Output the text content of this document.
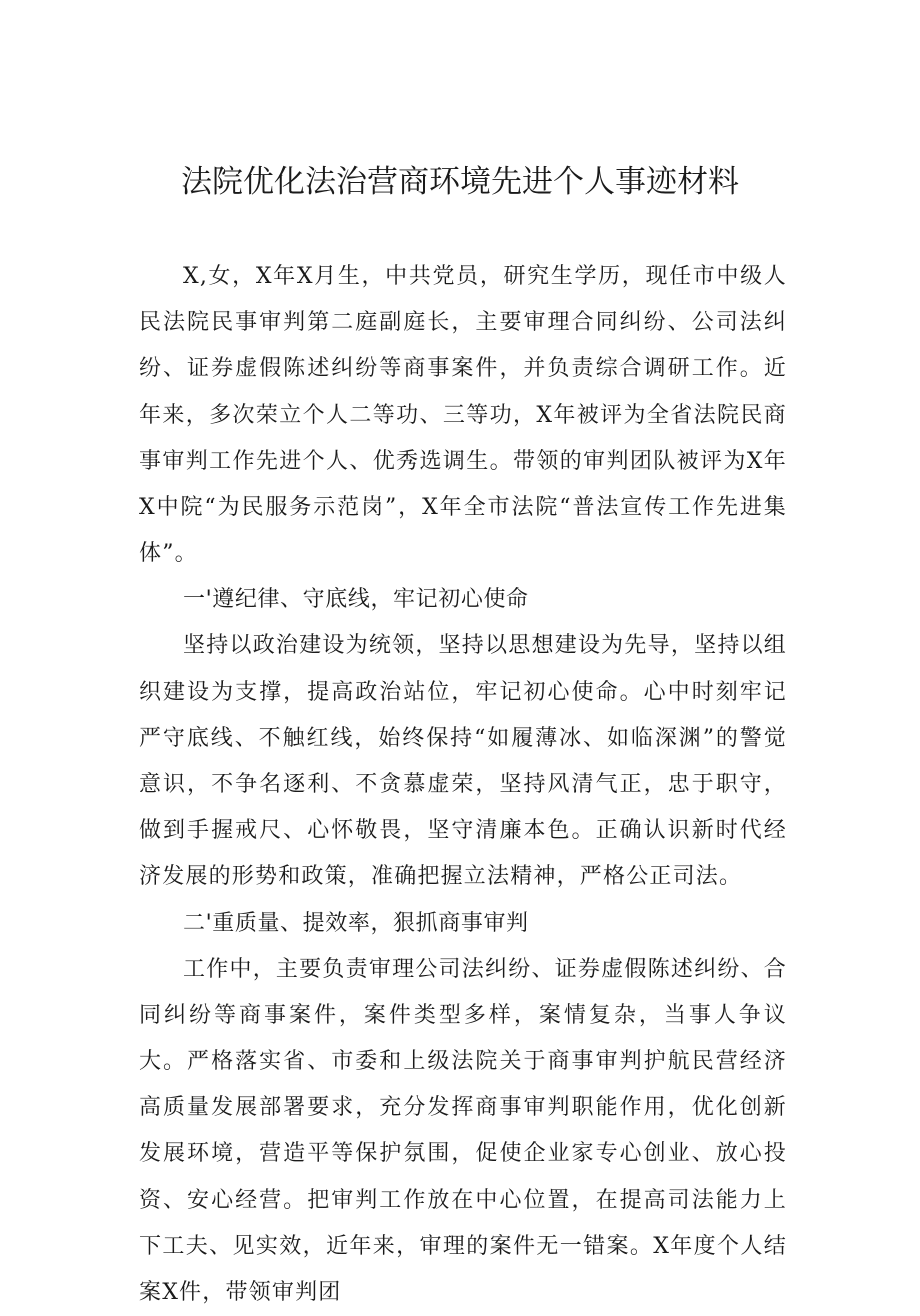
法院优化法治营商环境先进个人事迹材料

X,女，X年X月生，中共党员，研究生学历，现任市中级人民法院民事审判第二庭副庭长，主要审理合同纠纷、公司法纠纷、证券虚假陈述纠纷等商事案件，并负责综合调研工作。近年来，多次荣立个人二等功、三等功，X年被评为全省法院民商事审判工作先进个人、优秀选调生。带领的审判团队被评为X年X中院“为民服务示范岗”，X年全市法院“普法宣传工作先进集体”。

一'遵纪律、守底线，牢记初心使命

坚持以政治建设为统领，坚持以思想建设为先导，坚持以组织建设为支撑，提高政治站位，牢记初心使命。心中时刻牢记严守底线、不触红线，始终保持“如履薄冰、如临深渊”的警觉意识，不争名逐利、不贪慕虚荣，坚持风清气正，忠于职守，做到手握戒尺、心怀敬畏，坚守清廉本色。正确认识新时代经济发展的形势和政策，准确把握立法精神，严格公正司法。

二'重质量、提效率，狠抓商事审判

工作中，主要负责审理公司法纠纷、证券虚假陈述纠纷、合同纠纷等商事案件，案件类型多样，案情复杂，当事人争议大。严格落实省、市委和上级法院关于商事审判护航民营经济高质量发展部署要求，充分发挥商事审判职能作用，优化创新发展环境，营造平等保护氛围，促使企业家专心创业、放心投资、安心经营。把审判工作放在中心位置，在提高司法能力上下工夫、见实效，近年来，审理的案件无一错案。X年度个人结案X件，带领审判团
